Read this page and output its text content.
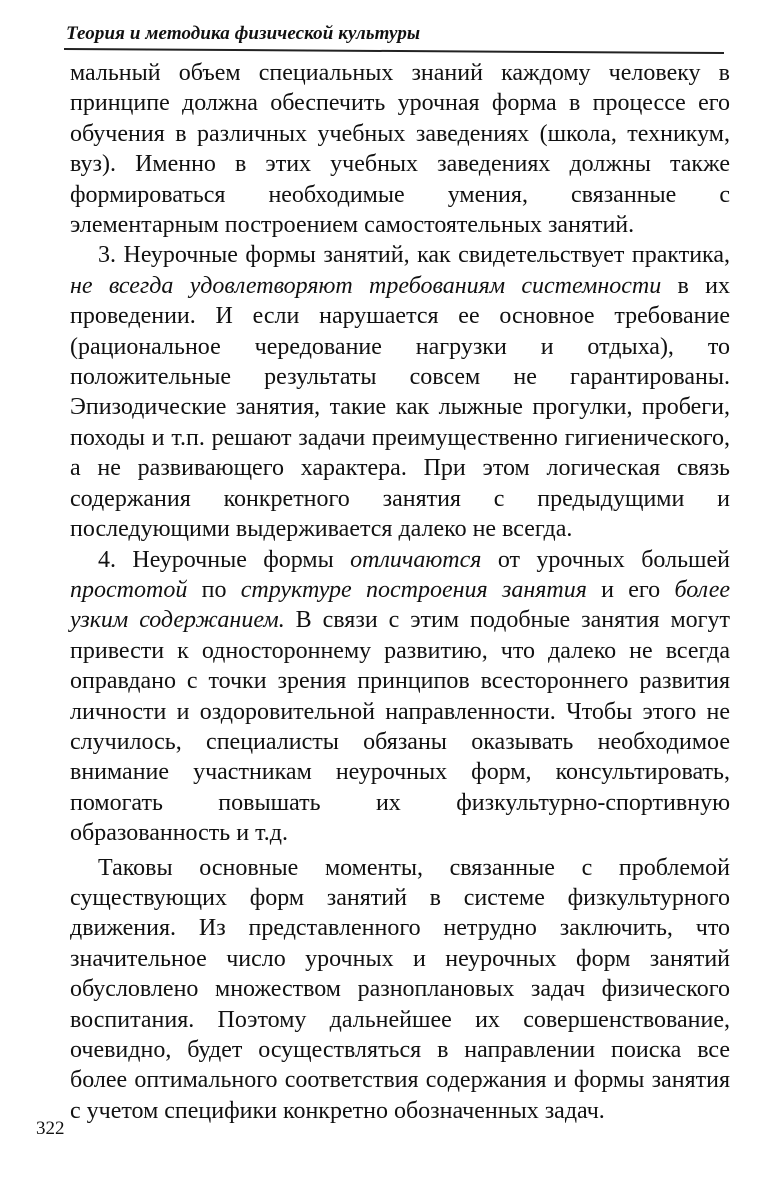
Теория и методика физической культуры

мальный объем специальных знаний каждому человеку в принципе должна обеспечить урочная форма в процессе его обучения в различных учебных заведениях (школа, техникум, вуз). Именно в этих учебных заведениях должны также формироваться необходимые умения, связанные с элементарным построением самостоятельных занятий.

3. Неурочные формы занятий, как свидетельствует практика, не всегда удовлетворяют требованиям системности в их проведении. И если нарушается ее основное требование (рациональное чередование нагрузки и отдыха), то положительные результаты совсем не гарантированы. Эпизодические занятия, такие как лыжные прогулки, пробеги, походы и т.п. решают задачи преимущественно гигиенического, а не развивающего характера. При этом логическая связь содержания конкретного занятия с предыдущими и последующими выдерживается далеко не всегда.

4. Неурочные формы отличаются от урочных большей простотой по структуре построения занятия и его более узким содержанием. В связи с этим подобные занятия могут привести к одностороннему развитию, что далеко не всегда оправдано с точки зрения принципов всестороннего развития личности и оздоровительной направленности. Чтобы этого не случилось, специалисты обязаны оказывать необходимое внимание участникам неурочных форм, консультировать, помогать повышать их физкультурно-спортивную образованность и т.д.

Таковы основные моменты, связанные с проблемой существующих форм занятий в системе физкультурного движения. Из представленного нетрудно заключить, что значительное число урочных и неурочных форм занятий обусловлено множеством разноплановых задач физического воспитания. Поэтому дальнейшее их совершенствование, очевидно, будет осуществляться в направлении поиска все более оптимального соответствия содержания и формы занятия с учетом специфики конкретно обозначенных задач.

322
